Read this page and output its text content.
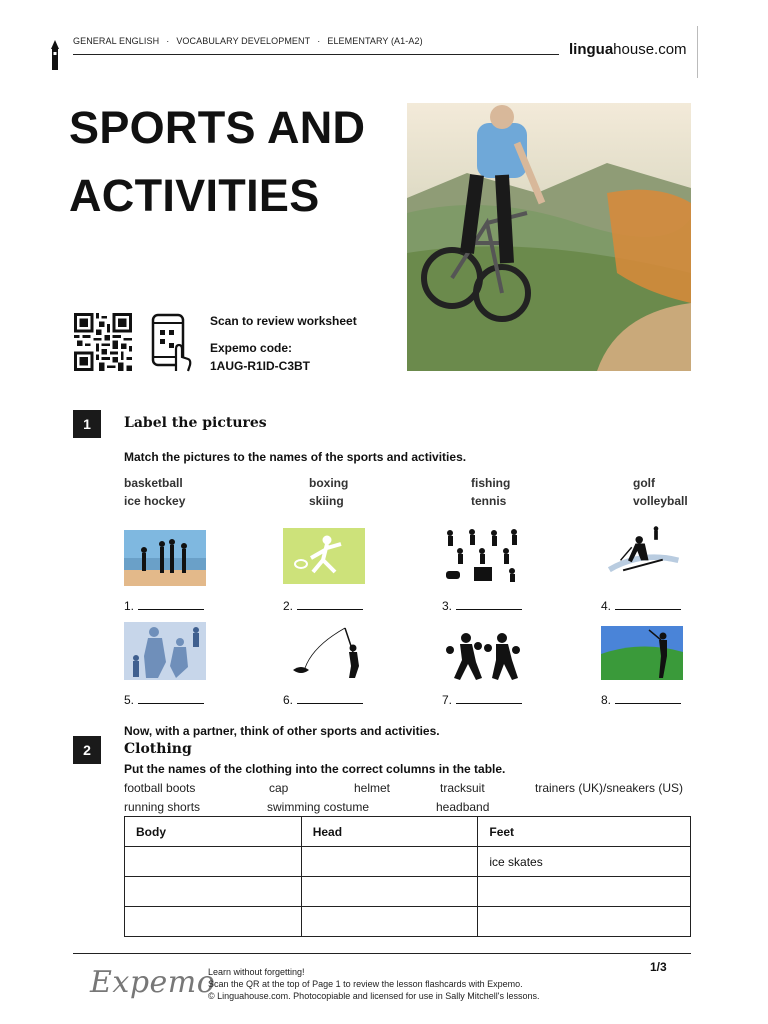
GENERAL ENGLISH · VOCABULARY DEVELOPMENT · ELEMENTARY (A1-A2)	linguahouse.com
SPORTS AND
ACTIVITIES
Scan to review worksheet
Expemo code:
1AUG-R1ID-C3BT
1	Label the pictures
Match the pictures to the names of the sports and activities.
basketball	boxing	fishing	golf
ice hockey	skiing	tennis	volleyball
1.	2.	3.	4.
5.	6.	7.	8.
Now, with a partner, think of other sports and activities.
2	Clothing
Put the names of the clothing into the correct columns in the table.
football boots	cap	helmet	tracksuit	trainers (UK)/sneakers (US)
running shorts	swimming costume	headband
Body	Head	Feet
		ice skates

Expemo
Learn without forgetting!
Scan the QR at the top of Page 1 to review the lesson flashcards with Expemo.
© Linguahouse.com. Photocopiable and licensed for use in Sally Mitchell's lessons.
1/3
